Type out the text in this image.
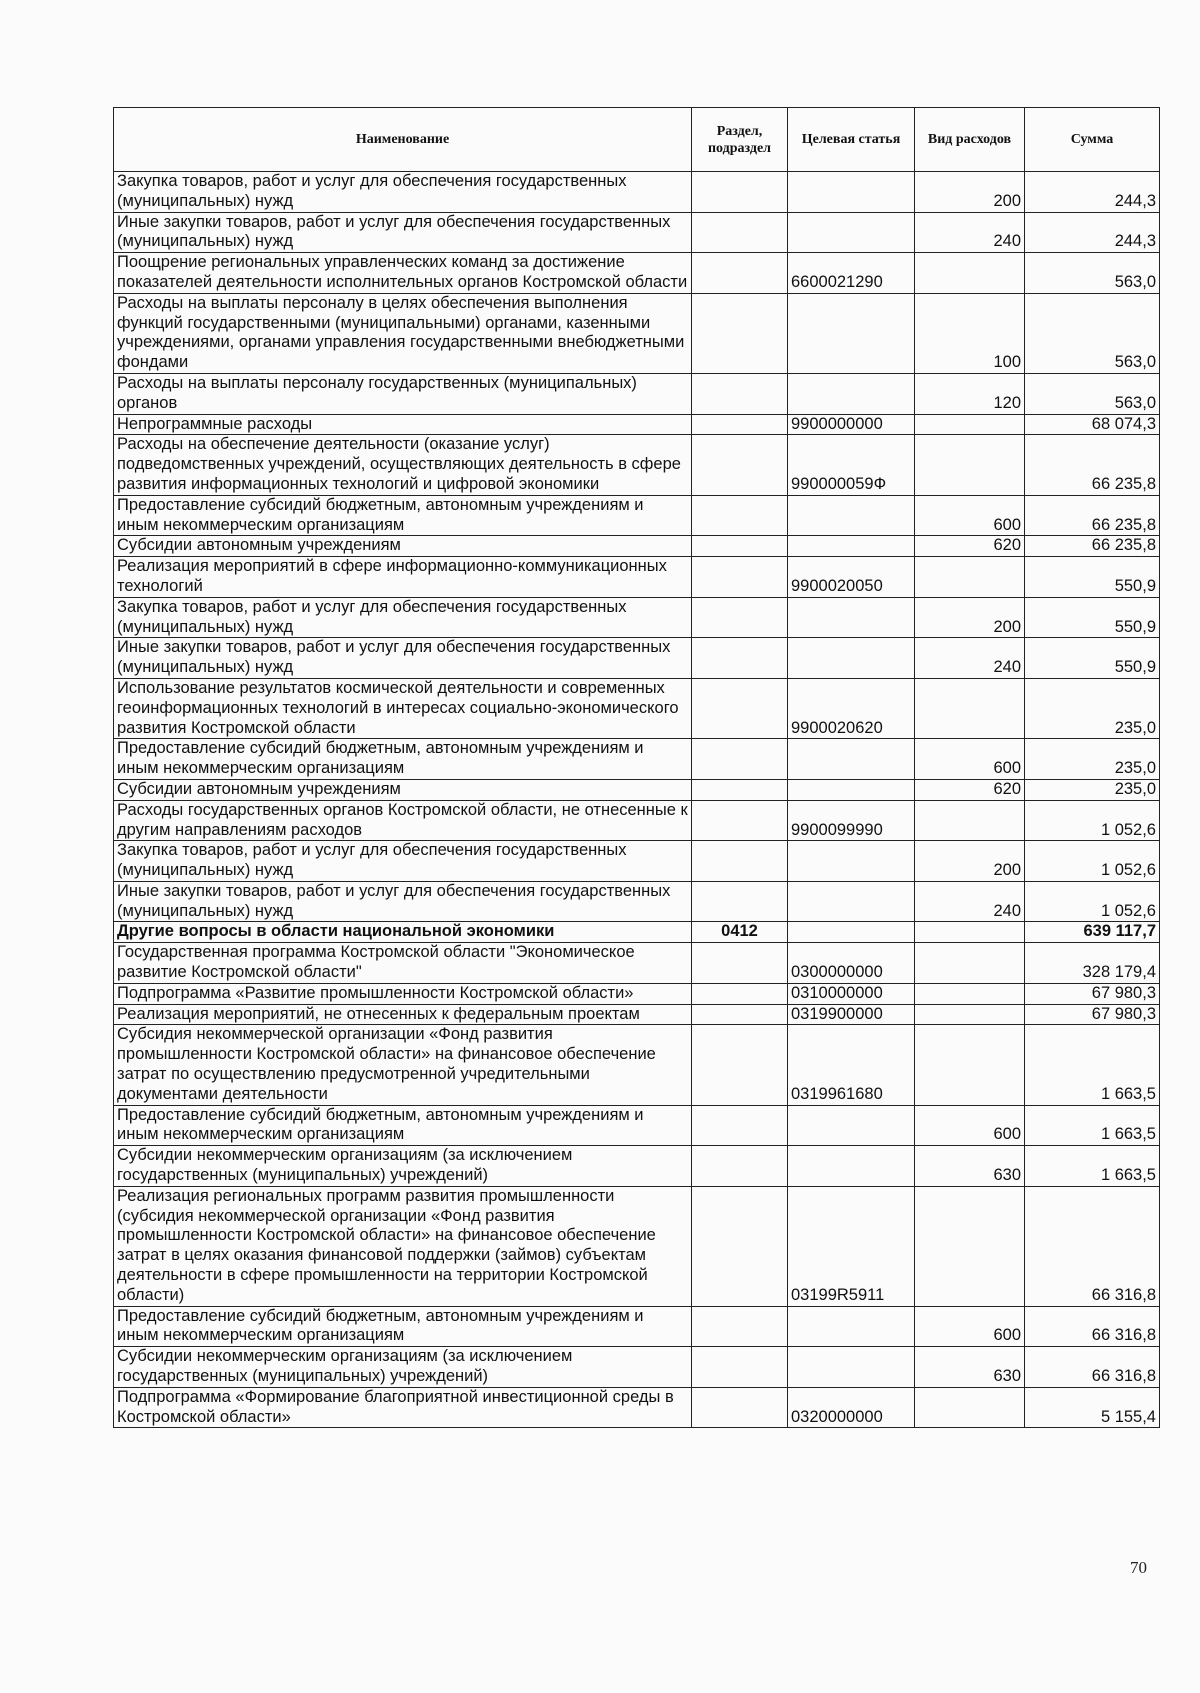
Наименование	Раздел, подраздел	Целевая статья	Вид расходов	Сумма
Закупка товаров, работ и услуг для обеспечения государственных (муниципальных) нужд			200	244,3
Иные закупки товаров, работ и услуг для обеспечения государственных (муниципальных) нужд			240	244,3
Поощрение региональных управленческих команд за достижение показателей деятельности исполнительных органов Костромской области		6600021290		563,0
Расходы на выплаты персоналу в целях обеспечения выполнения функций государственными (муниципальными) органами, казенными учреждениями, органами управления государственными внебюджетными фондами			100	563,0
Расходы на выплаты персоналу государственных (муниципальных) органов			120	563,0
Непрограммные расходы		9900000000		68 074,3
Расходы на обеспечение деятельности (оказание услуг) подведомственных учреждений, осуществляющих деятельность в сфере развития информационных технологий и цифровой экономики		990000059Ф		66 235,8
Предоставление субсидий бюджетным, автономным учреждениям и иным некоммерческим организациям			600	66 235,8
Субсидии автономным учреждениям			620	66 235,8
Реализация мероприятий в сфере информационно-коммуникационных технологий		9900020050		550,9
Закупка товаров, работ и услуг для обеспечения государственных (муниципальных) нужд			200	550,9
Иные закупки товаров, работ и услуг для обеспечения государственных (муниципальных) нужд			240	550,9
Использование результатов космической деятельности и современных геоинформационных технологий в интересах социально-экономического развития Костромской области		9900020620		235,0
Предоставление субсидий бюджетным, автономным учреждениям и иным некоммерческим организациям			600	235,0
Субсидии автономным учреждениям			620	235,0
Расходы государственных органов Костромской области, не отнесенные к другим направлениям расходов		9900099990		1 052,6
Закупка товаров, работ и услуг для обеспечения государственных (муниципальных) нужд			200	1 052,6
Иные закупки товаров, работ и услуг для обеспечения государственных (муниципальных) нужд			240	1 052,6
Другие вопросы в области национальной экономики	0412			639 117,7
Государственная программа Костромской области "Экономическое развитие Костромской области"		0300000000		328 179,4
Подпрограмма «Развитие промышленности Костромской области»		0310000000		67 980,3
Реализация мероприятий, не отнесенных к федеральным проектам		0319900000		67 980,3
Субсидия некоммерческой организации «Фонд развития промышленности Костромской области» на финансовое обеспечение затрат по осуществлению предусмотренной учредительными документами деятельности		0319961680		1 663,5
Предоставление субсидий бюджетным, автономным учреждениям и иным некоммерческим организациям			600	1 663,5
Субсидии некоммерческим организациям (за исключением государственных (муниципальных) учреждений)			630	1 663,5
Реализация региональных программ развития промышленности (субсидия некоммерческой организации «Фонд развития промышленности Костромской области» на финансовое обеспечение затрат в целях оказания финансовой поддержки (займов) субъектам деятельности в сфере промышленности на территории Костромской области)		03199R5911		66 316,8
Предоставление субсидий бюджетным, автономным учреждениям и иным некоммерческим организациям			600	66 316,8
Субсидии некоммерческим организациям (за исключением государственных (муниципальных) учреждений)			630	66 316,8
Подпрограмма «Формирование благоприятной инвестиционной среды в Костромской области»		0320000000		5 155,4
70
